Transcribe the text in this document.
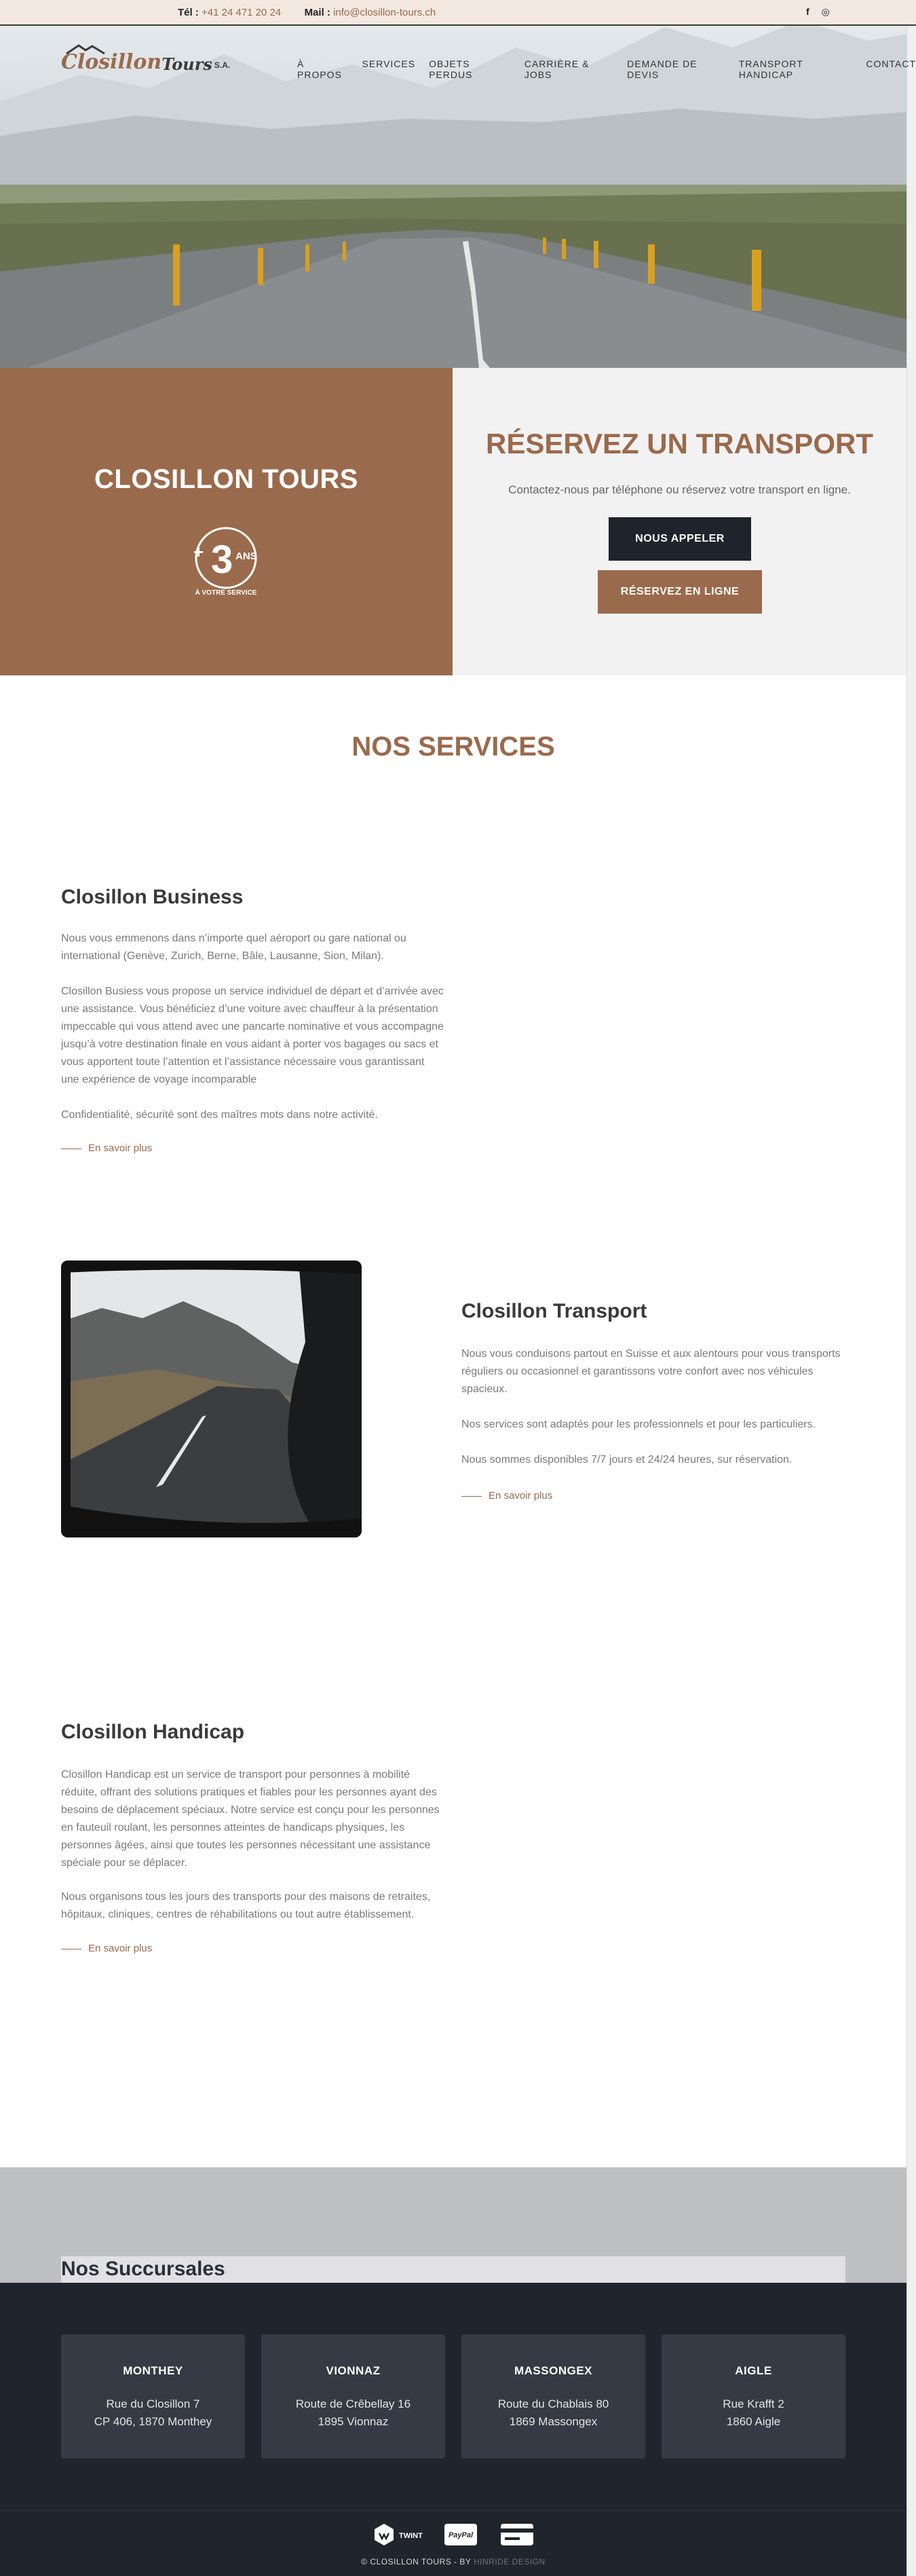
Tél : +41 24 471 20 24 Mail : info@closillon-tours.ch	f ◎
Closillon Tours S.A.	À PROPOS
SERVICES OBJETS PERDUS
CARRIÈRE & JOBS
DEMANDE DE DEVIS
TRANSPORT HANDICAP
CONTACT
CLOSILLON TOURS
3 ANS
À VOTRE SERVICE
+
RÉSERVEZ UN TRANSPORT

Contactez-nous par téléphone ou réservez votre transport en ligne.

NOUS APPELER
RÉSERVEZ EN LIGNE
NOS SERVICES
Closillon Business

Nous vous emmenons dans n’importe quel aéroport ou gare national ou international (Genève, Zurich, Berne, Bâle, Lausanne, Sion, Milan).

Closillon Busiess vous propose un service individuel de départ et d’arrivée avec une assistance. Vous bénéficiez d’une voiture avec chauffeur à la présentation impeccable qui vous attend avec une pancarte nominative et vous accompagne jusqu’à votre destination finale en vous aidant à porter vos bagages ou sacs et vous apportent toute l’attention et l’assistance nécessaire vous garantissant une expérience de voyage incomparable

Confidentialité, sécurité sont des maîtres mots dans notre activité.

En savoir plus
Closillon Transport

Nous vous conduisons partout en Suisse et aux alentours pour vous transports réguliers ou occasionnel et garantissons votre confort avec nos véhicules spacieux.

Nos services sont adaptés pour les professionnels et pour les particuliers.

Nous sommes disponibles 7/7 jours et 24/24 heures, sur réservation.

En savoir plus
Closillon Handicap

Closillon Handicap est un service de transport pour personnes à mobilité réduite, offrant des solutions pratiques et fiables pour les personnes ayant des besoins de déplacement spéciaux. Notre service est conçu pour les personnes en fauteuil roulant, les personnes atteintes de handicaps physiques, les personnes âgées, ainsi que toutes les personnes nécessitant une assistance spéciale pour se déplacer.

Nous organisons tous les jours des transports pour des maisons de retraites, hôpitaux, cliniques, centres de réhabilitations ou tout autre établissement.

En savoir plus
Nos Succursales
MONTHEY
Rue du Closillon 7
CP 406, 1870 Monthey
VIONNAZ
Route de Crêbellay 16
1895 Vionnaz
MASSONGEX
Route du Chablais 80
1869 Massongex
AIGLE
Rue Krafft 2
1860 Aigle
TWINT	PayPal
© CLOSILLON TOURS - BY HINRIDE DESIGN
